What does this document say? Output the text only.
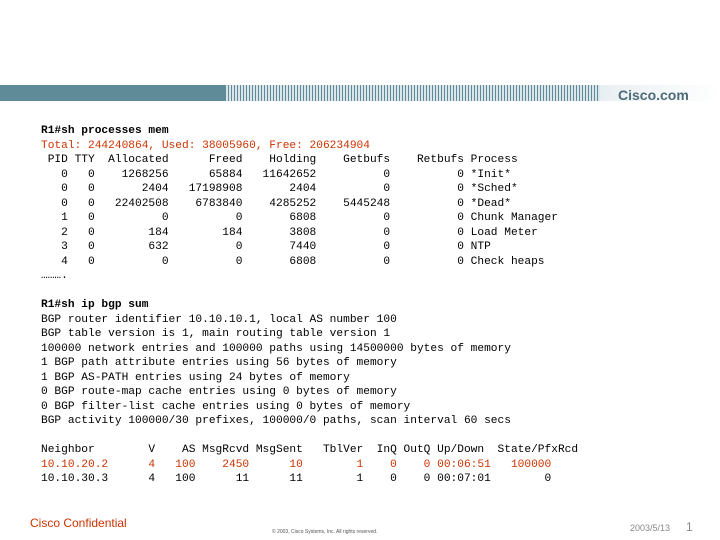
Cisco.com
R1#sh processes mem
Total: 244240864, Used: 38005960, Free: 206234904
PID TTY  Allocated      Freed    Holding    Getbufs    Retbufs Process
0   0    1268256      65884   11642652          0          0 *Init*
0   0       2404   17198908       2404          0          0 *Sched*
0   0   22402508    6783840    4285252    5445248          0 *Dead*
1   0          0          0       6808          0          0 Chunk Manager
2   0        184        184       3808          0          0 Load Meter
3   0        632          0       7440          0          0 NTP
4   0          0          0       6808          0          0 Check heaps
……….

R1#sh ip bgp sum
BGP router identifier 10.10.10.1, local AS number 100
BGP table version is 1, main routing table version 1
100000 network entries and 100000 paths using 14500000 bytes of memory
1 BGP path attribute entries using 56 bytes of memory
1 BGP AS-PATH entries using 24 bytes of memory
0 BGP route-map cache entries using 0 bytes of memory
0 BGP filter-list cache entries using 0 bytes of memory
BGP activity 100000/30 prefixes, 100000/0 paths, scan interval 60 secs

Neighbor        V    AS MsgRcvd MsgSent   TblVer  InQ OutQ Up/Down  State/PfxRcd
10.10.20.2      4   100    2450      10        1    0    0 00:06:51   100000
10.10.30.3      4   100      11      11        1    0    0 00:07:01        0
Cisco Confidential
© 2003, Cisco Systems, Inc. All rights reserved.	2003/5/13 1
